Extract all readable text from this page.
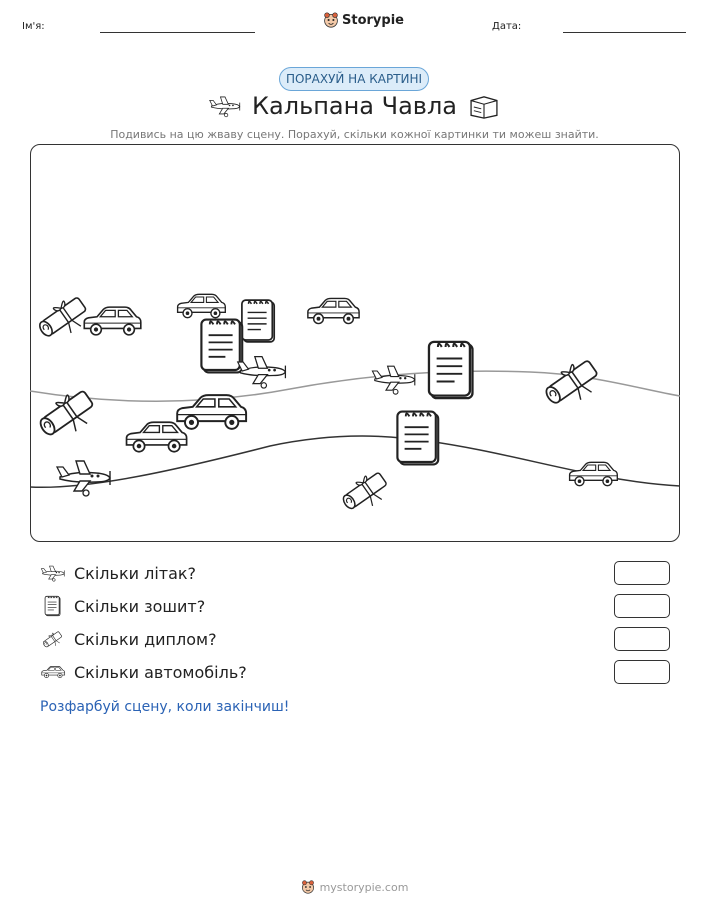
Ім'я:	Storypie	Дата:
ПОРАХУЙ НА КАРТИНІ
Кальпана Чавла
Подивись на цю жваву сцену. Порахуй, скільки кожної картинки ти можеш знайти.
Скільки літак?
Скільки зошит?
Скільки диплом?
Скільки автомобіль?
Розфарбуй сцену, коли закінчиш!
mystorypie.com
